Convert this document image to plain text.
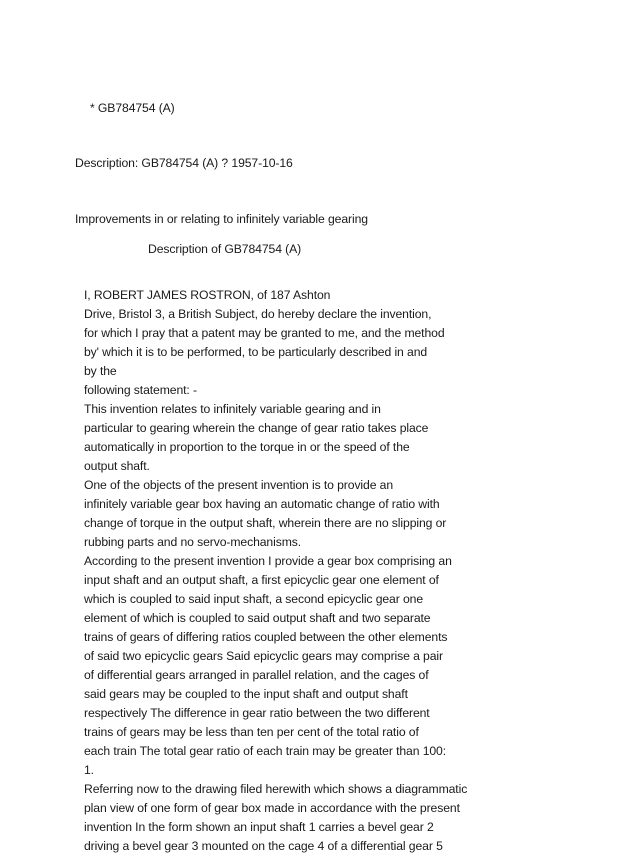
* GB784754 (A)
Description: GB784754 (A) ? 1957-10-16
Improvements in or relating to infinitely variable gearing
Description of GB784754 (A)

I, ROBERT JAMES ROSTRON, of 187 Ashton

Drive, Bristol 3, a British Subject, do hereby declare the invention,

for which I pray that a patent may be granted to me, and the method

by' which it is to be performed, to be particularly described in and

by the

following statement: -

This invention relates to infinitely variable gearing and in

particular to gearing wherein the change of gear ratio takes place

automatically in proportion to the torque in or the speed of the

output shaft.

One of the objects of the present invention is to provide an

infinitely variable gear box having an automatic change of ratio with

change of torque in the output shaft, wherein there are no slipping or

rubbing parts and no servo-mechanisms.

According to the present invention I provide a gear box comprising an

input shaft and an output shaft, a first epicyclic gear one element of

which is coupled to said input shaft, a second epicyclic gear one

element of which is coupled to said output shaft and two separate

trains of gears of differing ratios coupled between the other elements

of said two epicyclic gears Said epicyclic gears may comprise a pair

of differential gears arranged in parallel relation, and the cages of

said gears may be coupled to the input shaft and output shaft

respectively The difference in gear ratio between the two different

trains of gears may be less than ten per cent of the total ratio of

each train The total gear ratio of each train may be greater than 100:

1.

Referring now to the drawing filed herewith which shows a diagrammatic

plan view of one form of gear box made in accordance with the present

invention In the form shown an input shaft 1 carries a bevel gear 2

driving a bevel gear 3 mounted on the cage 4 of a differential gear 5
